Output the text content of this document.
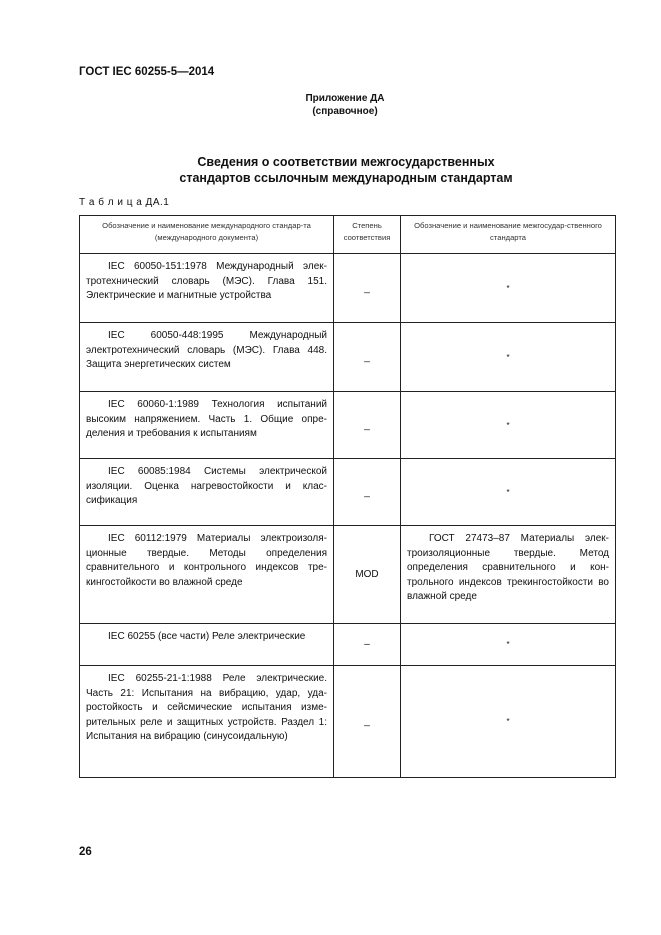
ГОСТ IEC 60255-5—2014
Приложение ДА
(справочное)
Сведения о соответствии межгосударственных
стандартов ссылочным международным стандартам
Т а б л и ц а ДА.1
Обозначение и наименование международного стандар-та (международного документа)	Степень соответствия	Обозначение и наименование межгосудар-ственного стандарта
IEC 60050-151:1978 Международный электротехнический словарь (МЭС). Глава 151. Электрические и магнитные устройства	_	*
IEC 60050-448:1995 Международный электротехнический словарь (МЭС). Глава 448. Защита энергетических систем	_	*
IEC 60060-1:1989 Технология испытаний высоким напряжением. Часть 1. Общие определения и требования к испытаниям	_	*
IEC 60085:1984 Системы электрической изоляции. Оценка нагревостойкости и классификация	_	*
IEC 60112:1979 Материалы электроизоляционные твердые. Методы определения сравнительного и контрольного индексов трекингостойкости во влажной среде	MOD	ГОСТ 27473–87 Материалы электроизоляционные твердые. Метод определения сравнительного и контрольного индексов трекингостойкости во влажной среде
IEC 60255 (все части) Реле электрические	–	*
IEC 60255-21-1:1988 Реле электрические. Часть 21: Испытания на вибрацию, удар, ударостойкость и сейсмические испытания измерительных реле и защитных устройств. Раздел 1: Испытания на вибрацию (синусоидальную)	_	*
26
